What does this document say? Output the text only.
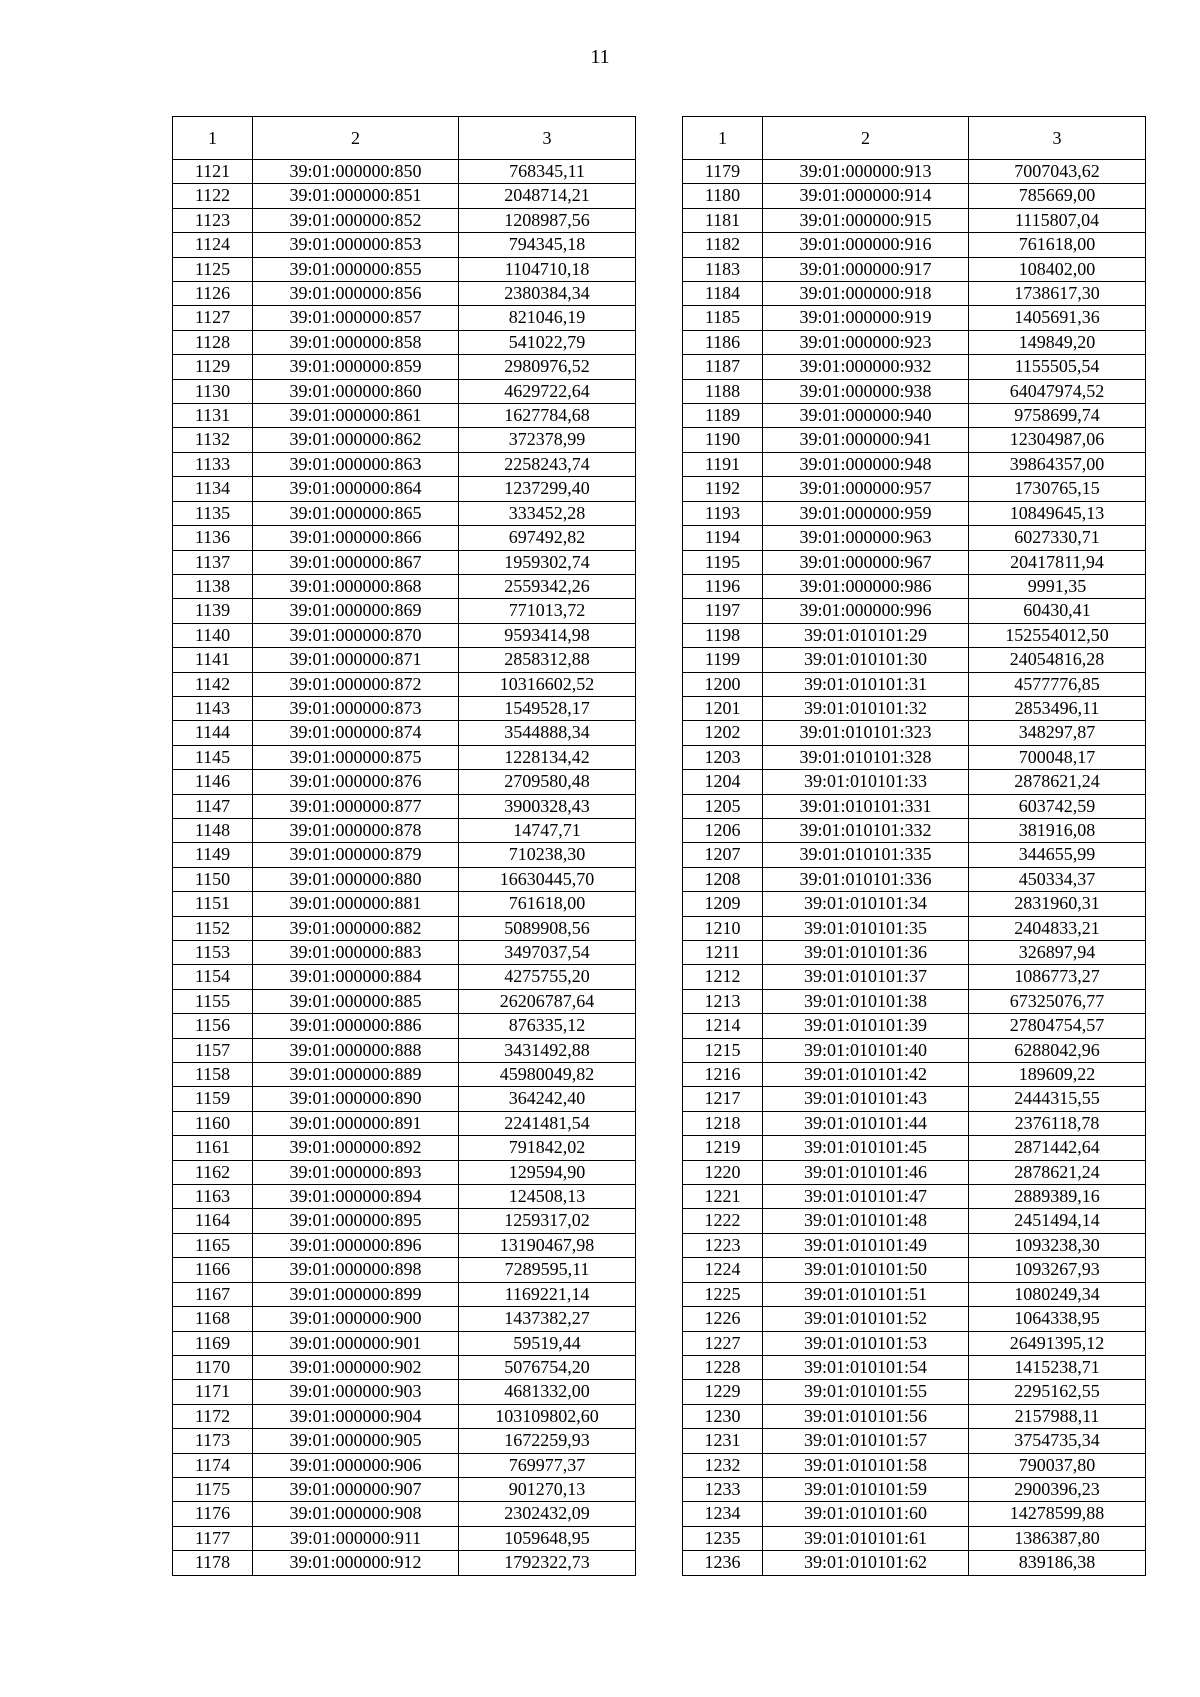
11
1	2	3
1121	39:01:000000:850	768345,11
1122	39:01:000000:851	2048714,21
1123	39:01:000000:852	1208987,56
1124	39:01:000000:853	794345,18
1125	39:01:000000:855	1104710,18
1126	39:01:000000:856	2380384,34
1127	39:01:000000:857	821046,19
1128	39:01:000000:858	541022,79
1129	39:01:000000:859	2980976,52
1130	39:01:000000:860	4629722,64
1131	39:01:000000:861	1627784,68
1132	39:01:000000:862	372378,99
1133	39:01:000000:863	2258243,74
1134	39:01:000000:864	1237299,40
1135	39:01:000000:865	333452,28
1136	39:01:000000:866	697492,82
1137	39:01:000000:867	1959302,74
1138	39:01:000000:868	2559342,26
1139	39:01:000000:869	771013,72
1140	39:01:000000:870	9593414,98
1141	39:01:000000:871	2858312,88
1142	39:01:000000:872	10316602,52
1143	39:01:000000:873	1549528,17
1144	39:01:000000:874	3544888,34
1145	39:01:000000:875	1228134,42
1146	39:01:000000:876	2709580,48
1147	39:01:000000:877	3900328,43
1148	39:01:000000:878	14747,71
1149	39:01:000000:879	710238,30
1150	39:01:000000:880	16630445,70
1151	39:01:000000:881	761618,00
1152	39:01:000000:882	5089908,56
1153	39:01:000000:883	3497037,54
1154	39:01:000000:884	4275755,20
1155	39:01:000000:885	26206787,64
1156	39:01:000000:886	876335,12
1157	39:01:000000:888	3431492,88
1158	39:01:000000:889	45980049,82
1159	39:01:000000:890	364242,40
1160	39:01:000000:891	2241481,54
1161	39:01:000000:892	791842,02
1162	39:01:000000:893	129594,90
1163	39:01:000000:894	124508,13
1164	39:01:000000:895	1259317,02
1165	39:01:000000:896	13190467,98
1166	39:01:000000:898	7289595,11
1167	39:01:000000:899	1169221,14
1168	39:01:000000:900	1437382,27
1169	39:01:000000:901	59519,44
1170	39:01:000000:902	5076754,20
1171	39:01:000000:903	4681332,00
1172	39:01:000000:904	103109802,60
1173	39:01:000000:905	1672259,93
1174	39:01:000000:906	769977,37
1175	39:01:000000:907	901270,13
1176	39:01:000000:908	2302432,09
1177	39:01:000000:911	1059648,95
1178	39:01:000000:912	1792322,73
1	2	3
1179	39:01:000000:913	7007043,62
1180	39:01:000000:914	785669,00
1181	39:01:000000:915	1115807,04
1182	39:01:000000:916	761618,00
1183	39:01:000000:917	108402,00
1184	39:01:000000:918	1738617,30
1185	39:01:000000:919	1405691,36
1186	39:01:000000:923	149849,20
1187	39:01:000000:932	1155505,54
1188	39:01:000000:938	64047974,52
1189	39:01:000000:940	9758699,74
1190	39:01:000000:941	12304987,06
1191	39:01:000000:948	39864357,00
1192	39:01:000000:957	1730765,15
1193	39:01:000000:959	10849645,13
1194	39:01:000000:963	6027330,71
1195	39:01:000000:967	20417811,94
1196	39:01:000000:986	9991,35
1197	39:01:000000:996	60430,41
1198	39:01:010101:29	152554012,50
1199	39:01:010101:30	24054816,28
1200	39:01:010101:31	4577776,85
1201	39:01:010101:32	2853496,11
1202	39:01:010101:323	348297,87
1203	39:01:010101:328	700048,17
1204	39:01:010101:33	2878621,24
1205	39:01:010101:331	603742,59
1206	39:01:010101:332	381916,08
1207	39:01:010101:335	344655,99
1208	39:01:010101:336	450334,37
1209	39:01:010101:34	2831960,31
1210	39:01:010101:35	2404833,21
1211	39:01:010101:36	326897,94
1212	39:01:010101:37	1086773,27
1213	39:01:010101:38	67325076,77
1214	39:01:010101:39	27804754,57
1215	39:01:010101:40	6288042,96
1216	39:01:010101:42	189609,22
1217	39:01:010101:43	2444315,55
1218	39:01:010101:44	2376118,78
1219	39:01:010101:45	2871442,64
1220	39:01:010101:46	2878621,24
1221	39:01:010101:47	2889389,16
1222	39:01:010101:48	2451494,14
1223	39:01:010101:49	1093238,30
1224	39:01:010101:50	1093267,93
1225	39:01:010101:51	1080249,34
1226	39:01:010101:52	1064338,95
1227	39:01:010101:53	26491395,12
1228	39:01:010101:54	1415238,71
1229	39:01:010101:55	2295162,55
1230	39:01:010101:56	2157988,11
1231	39:01:010101:57	3754735,34
1232	39:01:010101:58	790037,80
1233	39:01:010101:59	2900396,23
1234	39:01:010101:60	14278599,88
1235	39:01:010101:61	1386387,80
1236	39:01:010101:62	839186,38
